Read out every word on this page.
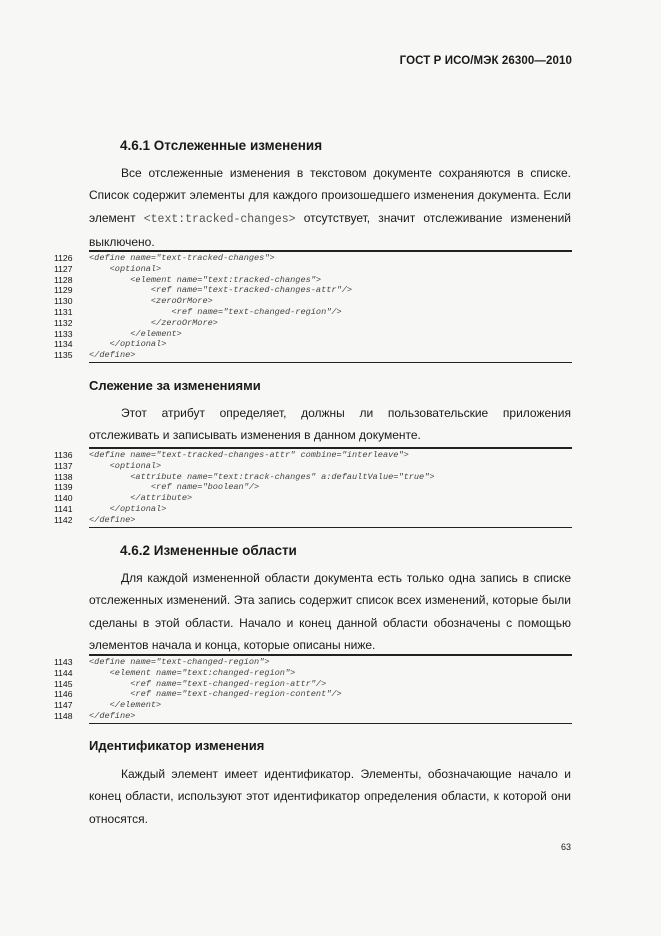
ГОСТ Р ИСО/МЭК 26300—2010
4.6.1 Отслеженные изменения

Все отслеженные изменения в текстовом документе сохраняются в списке. Список содержит элементы для каждого произошедшего изменения документа. Если элемент <text:tracked-changes> отсутствует, значит отслеживание изменений выключено.

1126 <define name="text-tracked-changes">
1127 <optional>
1128 <element name="text:tracked-changes">
1129 <ref name="text-tracked-changes-attr"/>
1130 <zeroOrMore>
1131 <ref name="text-changed-region"/>
1132 </zeroOrMore>
1133 </element>
1134 </optional>
1135 </define>
Слежение за изменениями

Этот атрибут определяет, должны ли пользовательские приложения отслеживать и записывать изменения в данном документе.

1136 <define name="text-tracked-changes-attr" combine="interleave">
1137 <optional>
1138 <attribute name="text:track-changes" a:defaultValue="true">
1139 <ref name="boolean"/>
1140 </attribute>
1141 </optional>
1142 </define>
4.6.2 Измененные области

Для каждой измененной области документа есть только одна запись в списке отслеженных изменений. Эта запись содержит список всех изменений, которые были сделаны в этой области. Начало и конец данной области обозначены с помощью элементов начала и конца, которые описаны ниже.

1143 <define name="text-changed-region">
1144 <element name="text:changed-region">
1145 <ref name="text-changed-region-attr"/>
1146 <ref name="text-changed-region-content"/>
1147 </element>
1148 </define>
Идентификатор изменения

Каждый элемент имеет идентификатор. Элементы, обозначающие начало и конец области, используют этот идентификатор определения области, к которой они относятся.

63
